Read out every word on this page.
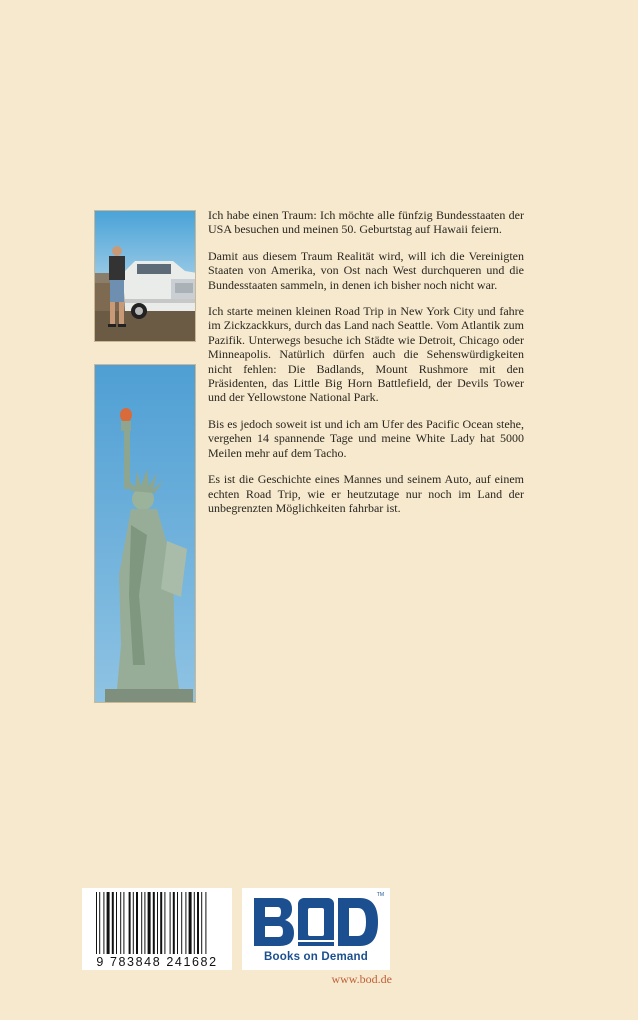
Ich habe einen Traum: Ich möchte alle fünfzig Bundesstaaten der USA besuchen und meinen 50. Geburtstag auf Hawaii feiern.

Damit aus diesem Traum Realität wird, will ich die Vereinigten Staaten von Amerika, von Ost nach West durchqueren und die Bundesstaaten sammeln, in denen ich bisher noch nicht war.

Ich starte meinen kleinen Road Trip in New York City und fahre im Zickzackkurs, durch das Land nach Seattle. Vom Atlantik zum Pazifik. Unterwegs besuche ich Städte wie Detroit, Chicago oder Minneapolis. Natürlich dürfen auch die Sehenswürdigkeiten nicht fehlen: Die Badlands, Mount Rushmore mit den Präsidenten, das Little Big Horn Battlefield, der Devils Tower und der Yellowstone National Park.

Bis es jedoch soweit ist und ich am Ufer des Pacific Ocean stehe, vergehen 14 spannende Tage und meine White Lady hat 5000 Meilen mehr auf dem Tacho.

Es ist die Geschichte eines Mannes und seinem Auto, auf einem echten Road Trip, wie er heutzutage nur noch im Land der unbegrenzten Möglichkeiten fahrbar ist.

9 783848 241682
TM
Books on Demand
www.bod.de
